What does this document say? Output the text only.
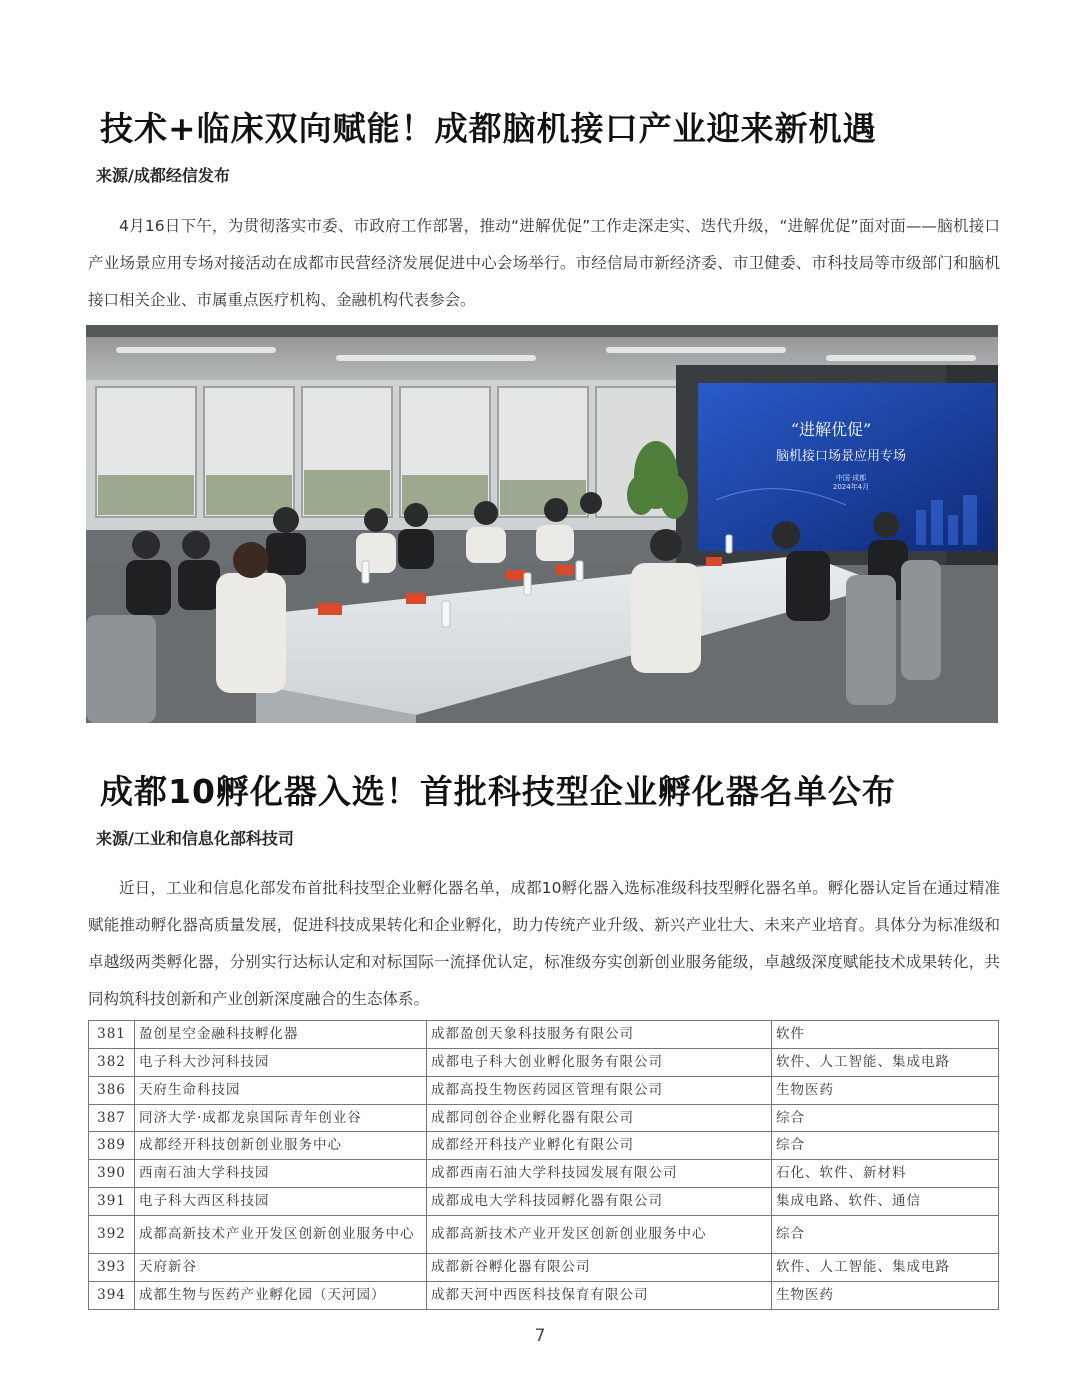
技术+临床双向赋能！成都脑机接口产业迎来新机遇

来源/成都经信发布

4月16日下午，为贯彻落实市委、市政府工作部署，推动“进解优促”工作走深走实、迭代升级，“进解优促”面对面——脑机接口产业场景应用专场对接活动在成都市民营经济发展促进中心会场举行。市经信局市新经济委、市卫健委、市科技局等市级部门和脑机接口相关企业、市属重点医疗机构、金融机构代表参会。

“进解优促”
脑机接口场景应用专场
中国·成都
2024年4月
成都10孵化器入选！首批科技型企业孵化器名单公布

来源/工业和信息化部科技司

近日，工业和信息化部发布首批科技型企业孵化器名单，成都10孵化器入选标准级科技型孵化器名单。孵化器认定旨在通过精准赋能推动孵化器高质量发展，促进科技成果转化和企业孵化，助力传统产业升级、新兴产业壮大、未来产业培育。具体分为标准级和卓越级两类孵化器，分别实行达标认定和对标国际一流择优认定，标准级夯实创新创业服务能级，卓越级深度赋能技术成果转化，共同构筑科技创新和产业创新深度融合的生态体系。

381	盈创星空金融科技孵化器	成都盈创天象科技服务有限公司	软件
382	电子科大沙河科技园	成都电子科大创业孵化服务有限公司	软件、人工智能、集成电路
386	天府生命科技园	成都高投生物医药园区管理有限公司	生物医药
387	同济大学·成都龙泉国际青年创业谷	成都同创谷企业孵化器有限公司	综合
389	成都经开科技创新创业服务中心	成都经开科技产业孵化有限公司	综合
390	西南石油大学科技园	成都西南石油大学科技园发展有限公司	石化、软件、新材料
391	电子科大西区科技园	成都成电大学科技园孵化器有限公司	集成电路、软件、通信
392	成都高新技术产业开发区创新创业服务中心	成都高新技术产业开发区创新创业服务中心	综合
393	天府新谷	成都新谷孵化器有限公司	软件、人工智能、集成电路
394	成都生物与医药产业孵化园（天河园）	成都天河中西医科技保育有限公司	生物医药
7
